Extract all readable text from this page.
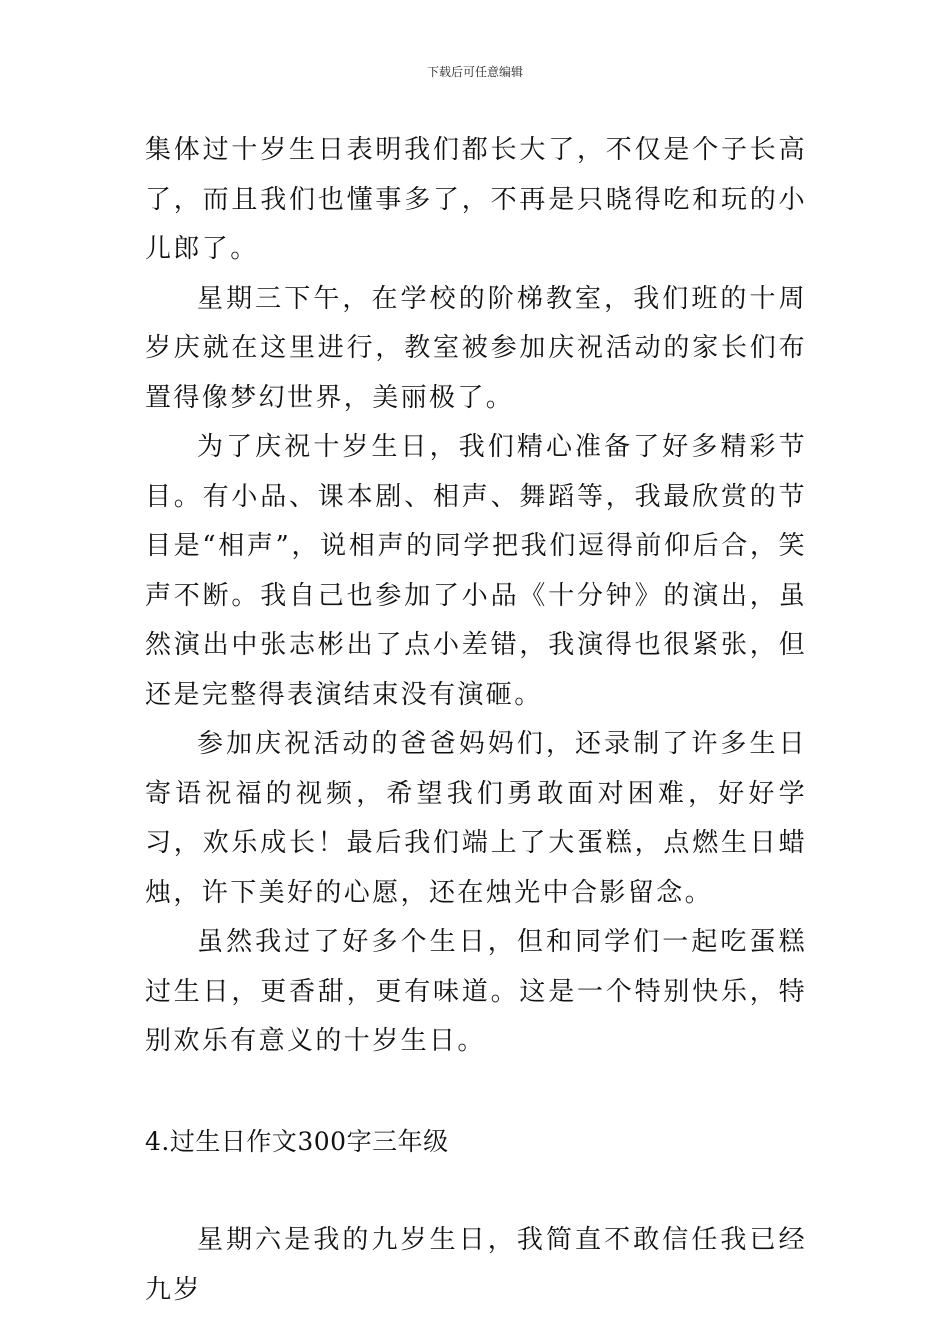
下载后可任意编辑

集体过十岁生日表明我们都长大了，不仅是个子长高了，而且我们也懂事多了，不再是只晓得吃和玩的小儿郎了。

星期三下午，在学校的阶梯教室，我们班的十周岁庆就在这里进行，教室被参加庆祝活动的家长们布置得像梦幻世界，美丽极了。

为了庆祝十岁生日，我们精心准备了好多精彩节目。有小品、课本剧、相声、舞蹈等，我最欣赏的节目是“相声”，说相声的同学把我们逗得前仰后合，笑声不断。我自己也参加了小品《十分钟》的演出，虽然演出中张志彬出了点小差错，我演得也很紧张，但还是完整得表演结束没有演砸。

参加庆祝活动的爸爸妈妈们，还录制了许多生日寄语祝福的视频，希望我们勇敢面对困难，好好学习，欢乐成长！最后我们端上了大蛋糕，点燃生日蜡烛，许下美好的心愿，还在烛光中合影留念。

虽然我过了好多个生日，但和同学们一起吃蛋糕过生日，更香甜，更有味道。这是一个特别快乐，特别欢乐有意义的十岁生日。

4.过生日作文300字三年级

星期六是我的九岁生日，我简直不敢信任我已经九岁
